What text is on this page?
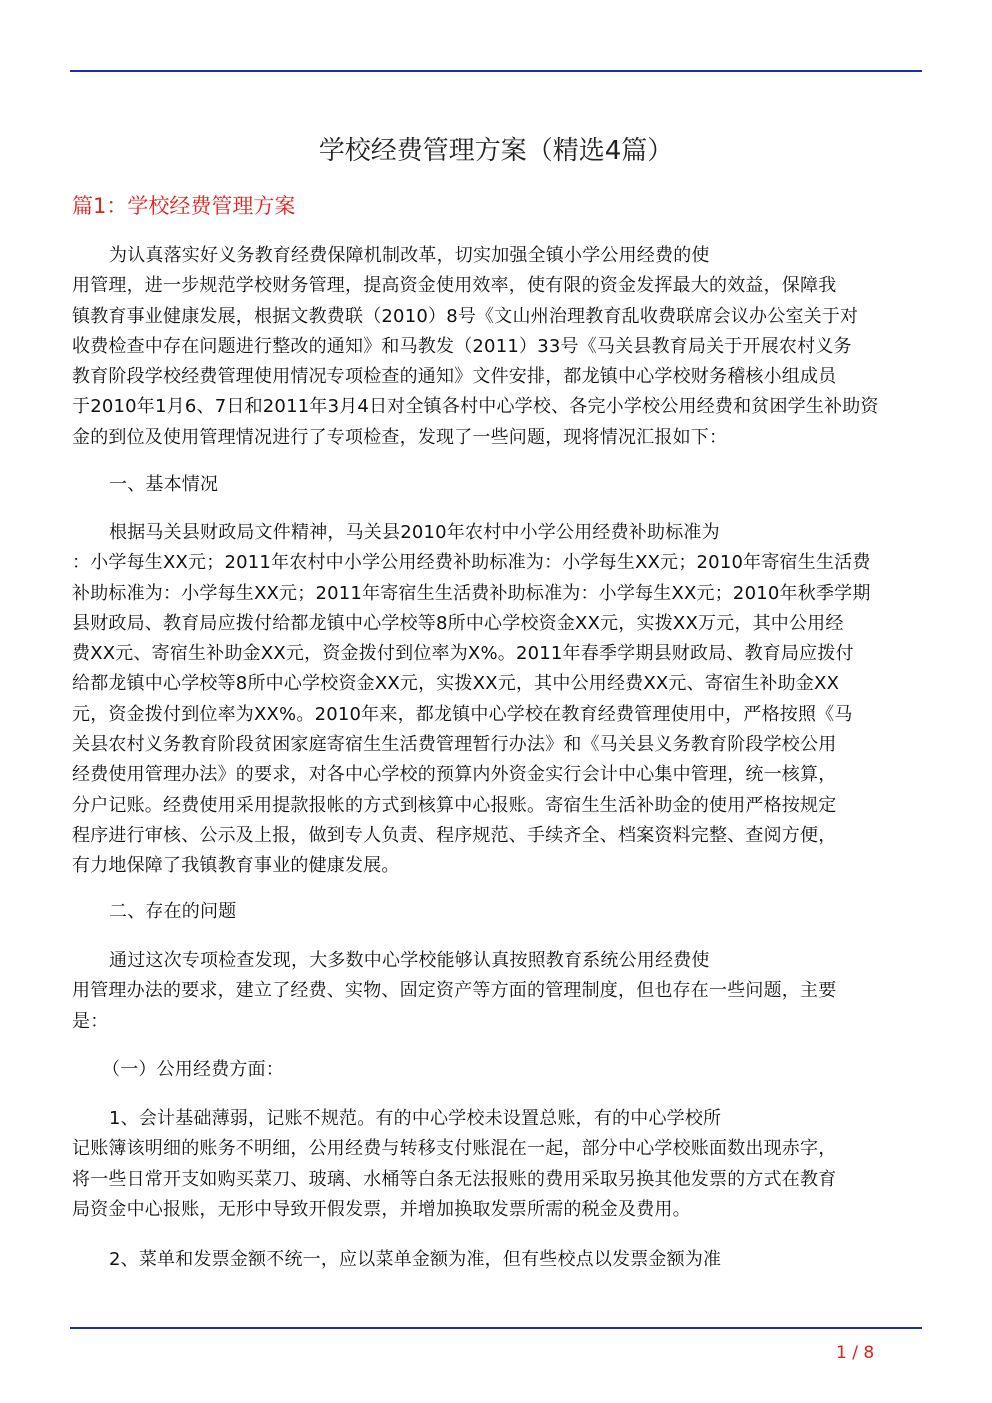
学校经费管理方案（精选4篇）
篇1：学校经费管理方案
为认真落实好义务教育经费保障机制改革，切实加强全镇小学公用经费的使
用管理，进一步规范学校财务管理，提高资金使用效率，使有限的资金发挥最大的效益，保障我
镇教育事业健康发展，根据文教费联（2010）8号《文山州治理教育乱收费联席会议办公室关于对
收费检查中存在问题进行整改的通知》和马教发（2011）33号《马关县教育局关于开展农村义务
教育阶段学校经费管理使用情况专项检查的通知》文件安排，都龙镇中心学校财务稽核小组成员
于2010年1月6、7日和2011年3月4日对全镇各村中心学校、各完小学校公用经费和贫困学生补助资
金的到位及使用管理情况进行了专项检查，发现了一些问题，现将情况汇报如下：
一、基本情况
根据马关县财政局文件精神，马关县2010年农村中小学公用经费补助标准为
：小学每生XX元；2011年农村中小学公用经费补助标准为：小学每生XX元；2010年寄宿生生活费
补助标准为：小学每生XX元；2011年寄宿生生活费补助标准为：小学每生XX元；2010年秋季学期
县财政局、教育局应拨付给都龙镇中心学校等8所中心学校资金XX元，实拨XX万元，其中公用经
费XX元、寄宿生补助金XX元，资金拨付到位率为X%。2011年春季学期县财政局、教育局应拨付
给都龙镇中心学校等8所中心学校资金XX元，实拨XX元，其中公用经费XX元、寄宿生补助金XX
元，资金拨付到位率为XX%。2010年来，都龙镇中心学校在教育经费管理使用中，严格按照《马
关县农村义务教育阶段贫困家庭寄宿生生活费管理暂行办法》和《马关县义务教育阶段学校公用
经费使用管理办法》的要求，对各中心学校的预算内外资金实行会计中心集中管理，统一核算，
分户记账。经费使用采用提款报帐的方式到核算中心报账。寄宿生生活补助金的使用严格按规定
程序进行审核、公示及上报，做到专人负责、程序规范、手续齐全、档案资料完整、查阅方便，
有力地保障了我镇教育事业的健康发展。
二、存在的问题
通过这次专项检查发现，大多数中心学校能够认真按照教育系统公用经费使
用管理办法的要求，建立了经费、实物、固定资产等方面的管理制度，但也存在一些问题，主要
是：
（一）公用经费方面：
1、会计基础薄弱，记账不规范。有的中心学校未设置总账，有的中心学校所
记账簿该明细的账务不明细，公用经费与转移支付账混在一起，部分中心学校账面数出现赤字，
将一些日常开支如购买菜刀、玻璃、水桶等白条无法报账的费用采取另换其他发票的方式在教育
局资金中心报账，无形中导致开假发票，并增加换取发票所需的税金及费用。
2、菜单和发票金额不统一，应以菜单金额为准，但有些校点以发票金额为准
1 / 8
